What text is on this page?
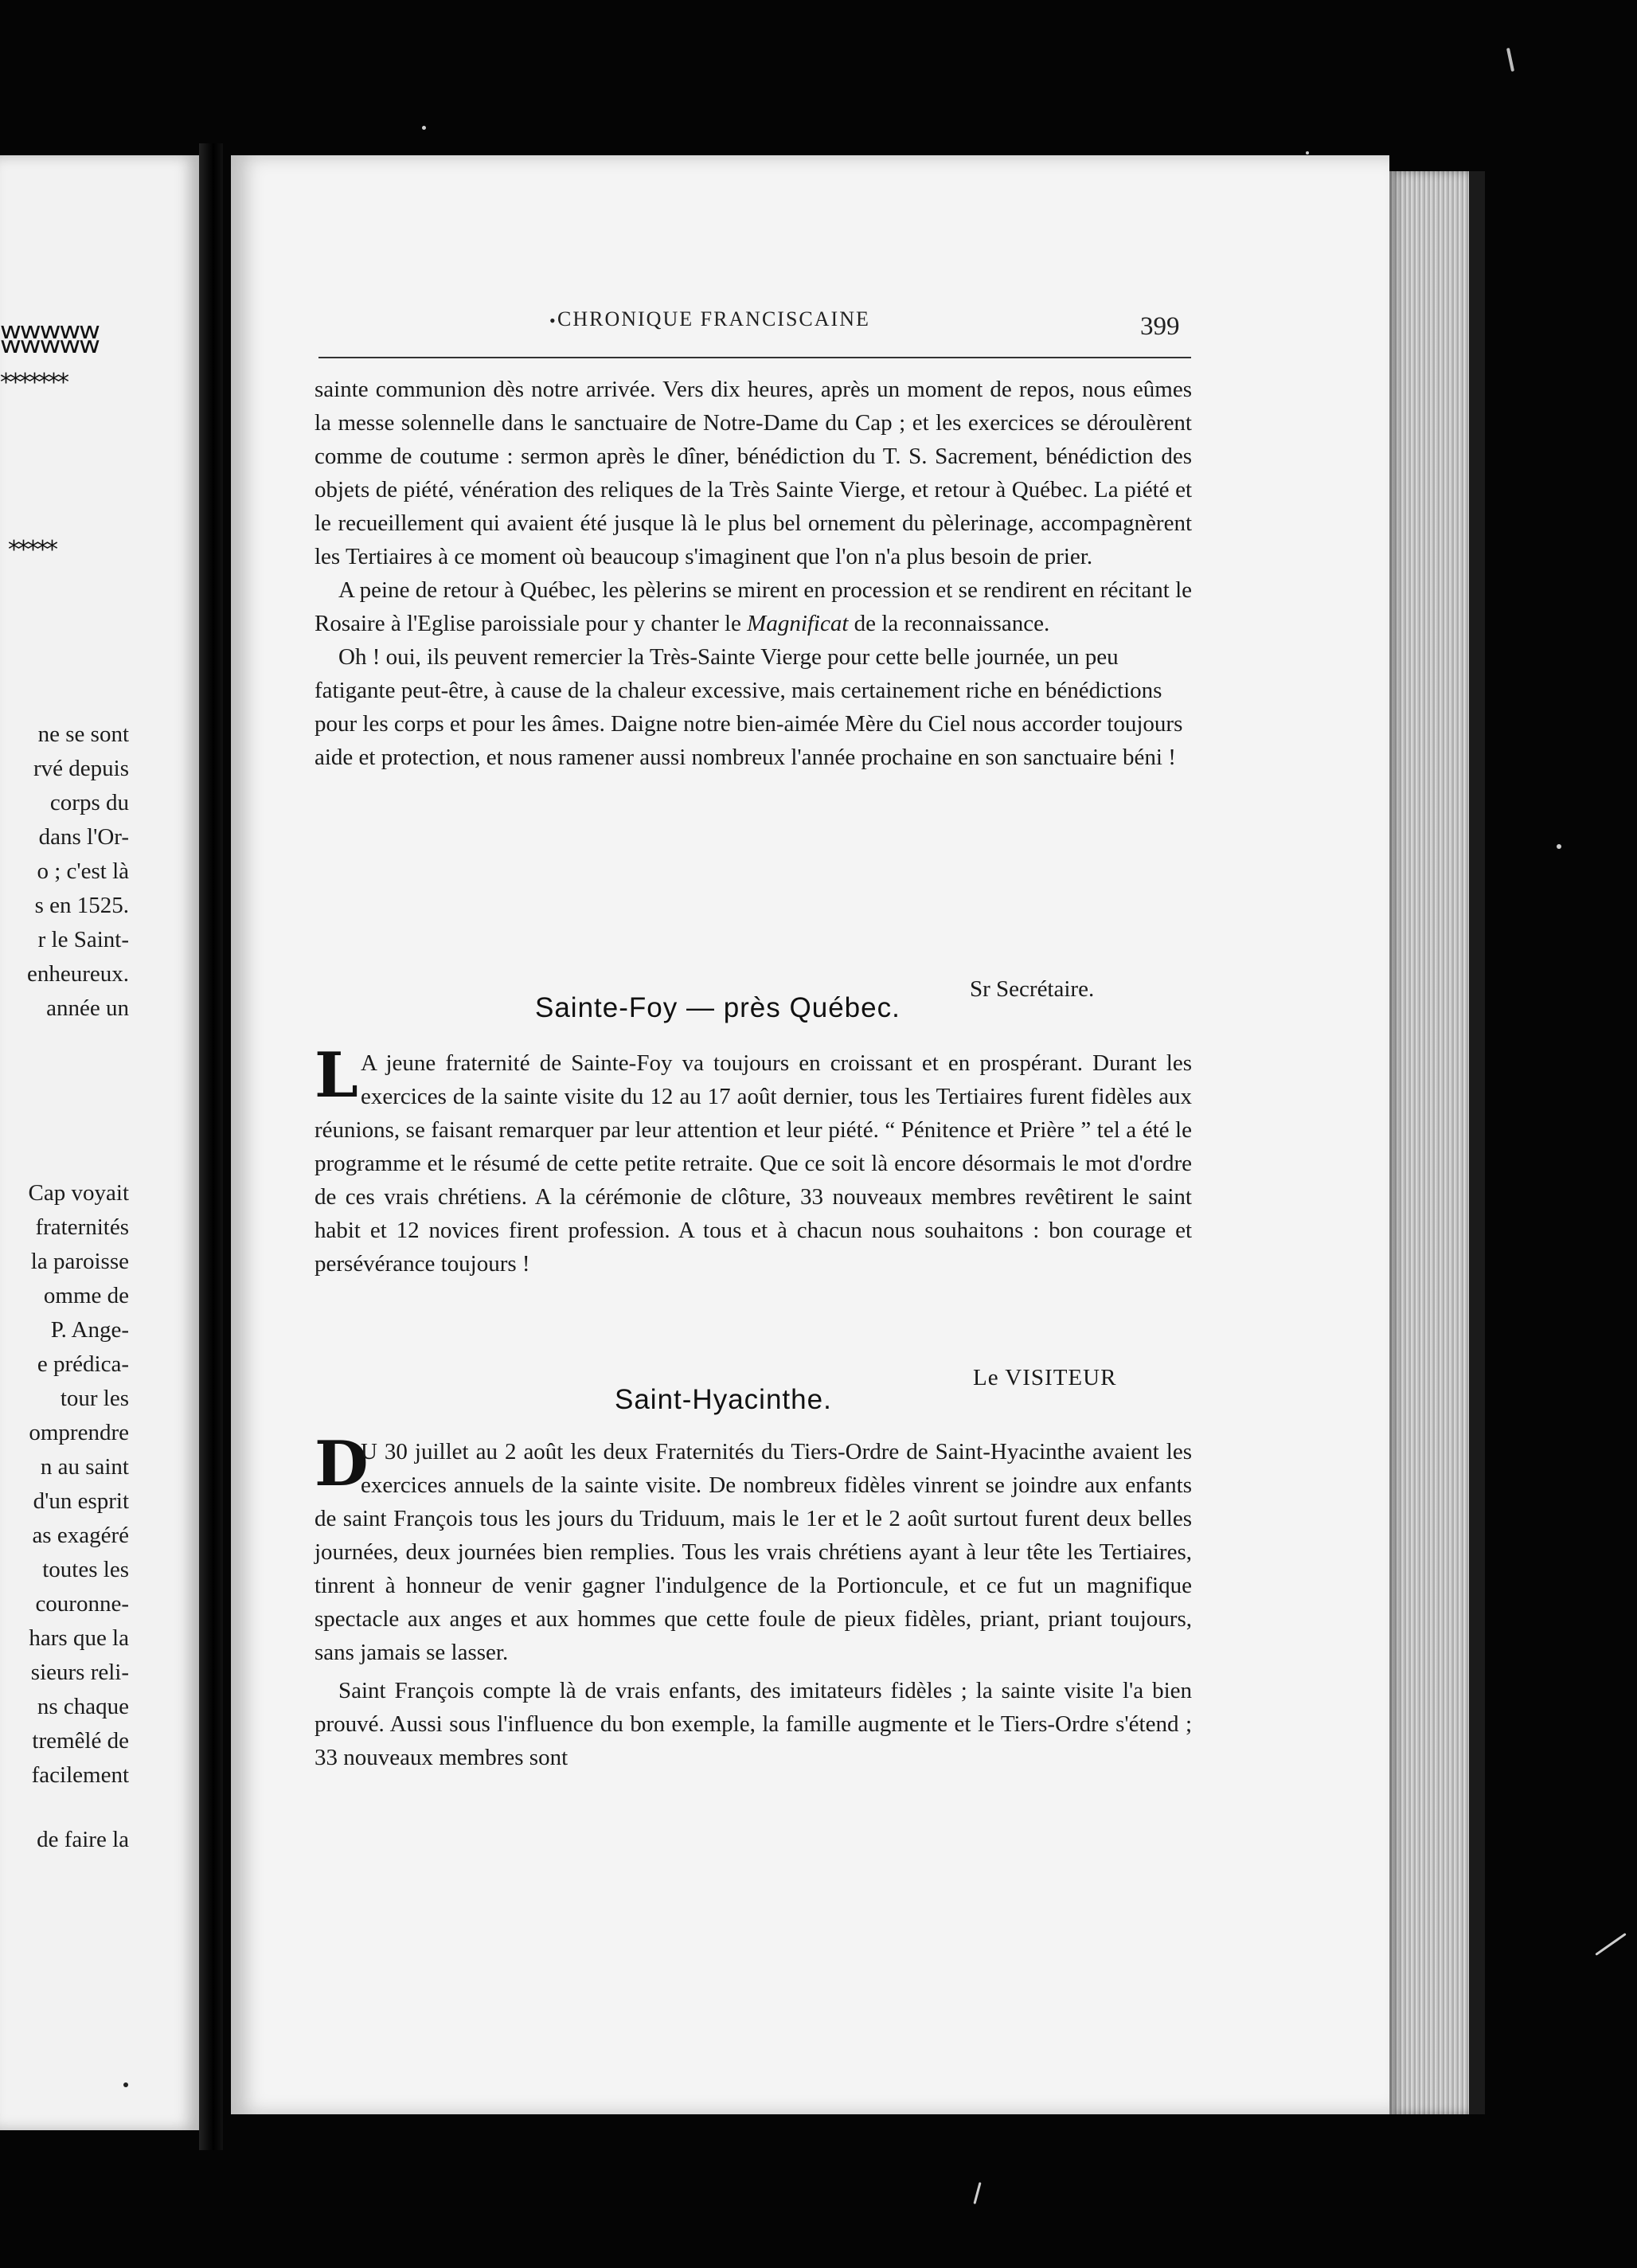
ʬʬʬʬʬ
*******
*****
ne se sont
rvé depuis
corps du
dans l'Or-
o ; c'est là
s en 1525.
r le Saint-
enheureux.
année un
Cap voyait
fraternités
la paroisse
omme de
P. Ange-
e prédica-
tour les
omprendre
n au saint
d'un esprit
as exagéré
toutes les
couronne-
hars que la
sieurs reli-
ns chaque
tremêlé de
facilement
de faire la
• CHRONIQUE FRANCISCAINE	399

sainte communion dès notre arrivée. Vers dix heures, après un moment de repos, nous eûmes la messe solennelle dans le sanctuaire de Notre-Dame du Cap ; et les exercices se déroulèrent comme de coutume : sermon après le dîner, bénédiction du T. S. Sacrement, bénédiction des objets de piété, vénération des reliques de la Très Sainte Vierge, et retour à Québec. La piété et le recueillement qui avaient été jusque là le plus bel ornement du pèlerinage, accompagnèrent les Tertiaires à ce moment où beaucoup s'imaginent que l'on n'a plus besoin de prier.

A peine de retour à Québec, les pèlerins se mirent en procession et se rendirent en récitant le Rosaire à l'Eglise paroissiale pour y chanter le Magnificat de la reconnaissance.

Oh ! oui, ils peuvent remercier la Très-Sainte Vierge pour cette belle journée, un peu fatigante peut-être, à cause de la chaleur excessive, mais certainement riche en bénédictions pour les corps et pour les âmes. Daigne notre bien-aimée Mère du Ciel nous accorder toujours aide et protection, et nous ramener aussi nombreux l'année prochaine en son sanctuaire béni !

Sr Secrétaire.
Sainte-Foy — près Québec.

L A jeune fraternité de Sainte-Foy va toujours en croissant et en prospérant. Durant les exercices de la sainte visite du 12 au 17 août dernier, tous les Tertiaires furent fidèles aux réunions, se faisant remarquer par leur attention et leur piété. “ Pénitence et Prière ” tel a été le programme et le résumé de cette petite retraite. Que ce soit là encore désormais le mot d'ordre de ces vrais chrétiens. A la cérémonie de clôture, 33 nouveaux membres revêtirent le saint habit et 12 novices firent profession. A tous et à chacun nous souhaitons : bon courage et persévérance toujours !

Le VISITEUR
Saint-Hyacinthe.

D
U 30 juillet au 2 août les deux Fraternités du Tiers-Ordre de Saint-Hyacinthe avaient les exercices annuels de la sainte visite. De nombreux fidèles vinrent se joindre aux enfants de saint François tous les jours du Triduum, mais le 1er et le 2 août surtout furent deux belles journées, deux journées bien remplies. Tous les vrais chrétiens ayant à leur tête les Tertiaires, tinrent à honneur de venir gagner l'indulgence de la Portioncule, et ce fut un magnifique spectacle aux anges et aux hommes que cette foule de pieux fidèles, priant, priant toujours, sans jamais se lasser.

Saint François compte là de vrais enfants, des imitateurs fidèles ; la sainte visite l'a bien prouvé. Aussi sous l'influence du bon exemple, la famille augmente et le Tiers-Ordre s'étend ; 33 nouveaux membres sont
